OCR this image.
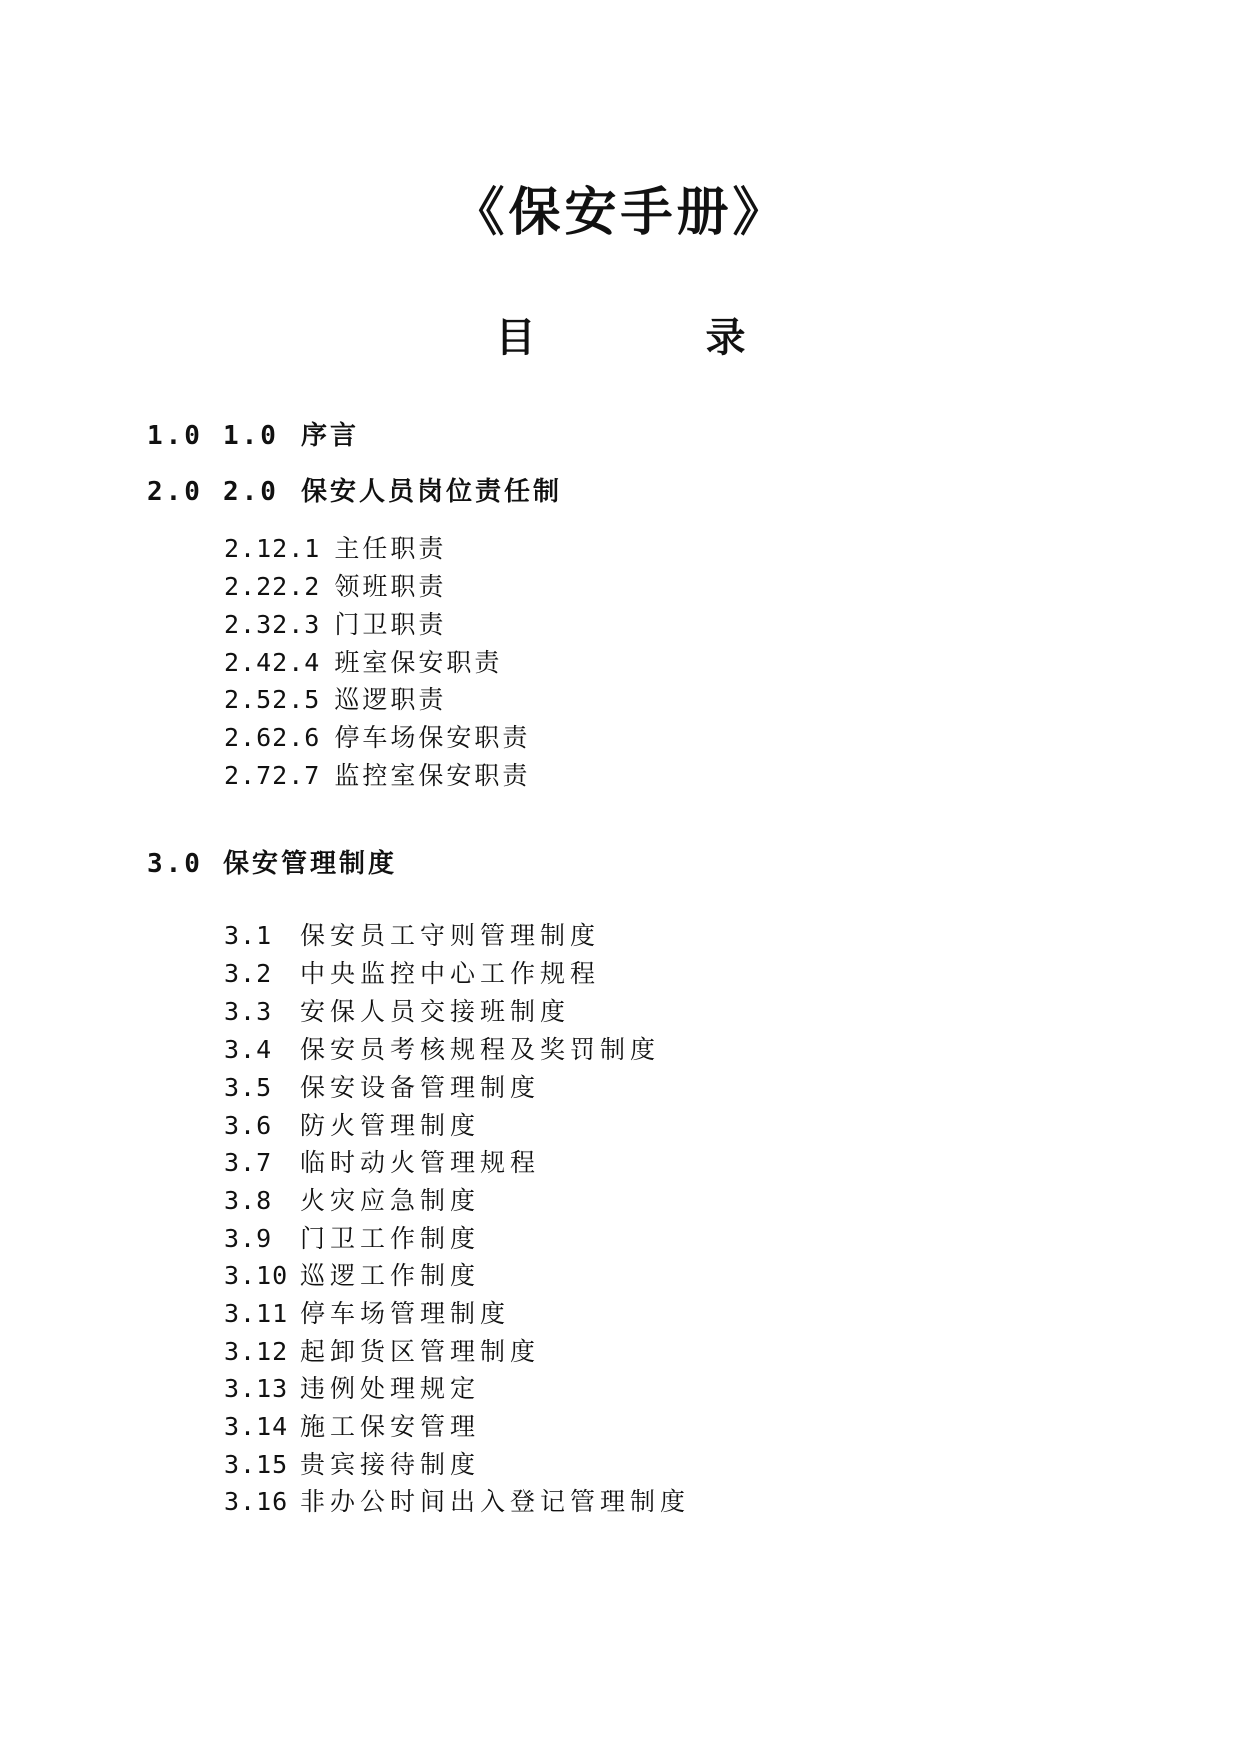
《保安手册》
目	录
1.0 1.0 序言
2.0 2.0 保安人员岗位责任制
2.12.1 主任职责
2.22.2 领班职责
2.32.3 门卫职责
2.42.4 班室保安职责
2.52.5 巡逻职责
2.62.6 停车场保安职责
2.72.7 监控室保安职责
3.0 保安管理制度
3.1 保安员工守则管理制度
3.2 中央监控中心工作规程
3.3 安保人员交接班制度
3.4 保安员考核规程及奖罚制度
3.5 保安设备管理制度
3.6 防火管理制度
3.7 临时动火管理规程
3.8 火灾应急制度
3.9 门卫工作制度
3.10 巡逻工作制度
3.11 停车场管理制度
3.12 起卸货区管理制度
3.13 违例处理规定
3.14 施工保安管理
3.15 贵宾接待制度
3.16 非办公时间出入登记管理制度
